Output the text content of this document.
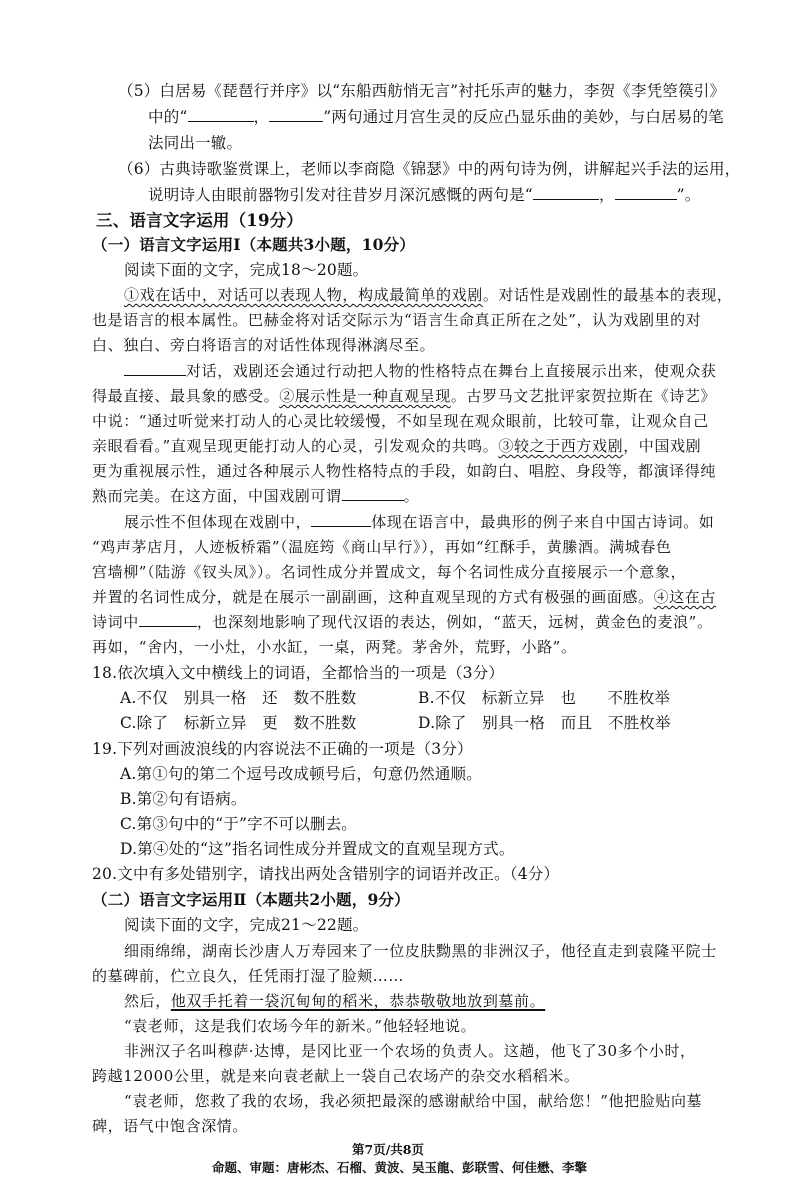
（5）白居易《琵琶行并序》以“东船西舫悄无言”衬托乐声的魅力，李贺《李凭箜篌引》
中的“	，	”两句通过月宫生灵的反应凸显乐曲的美妙，与白居易的笔
法同出一辙。
（6）古典诗歌鉴赏课上，老师以李商隐《锦瑟》中的两句诗为例，讲解起兴手法的运用，
说明诗人由眼前器物引发对往昔岁月深沉感慨的两句是“	，	”。
三、语言文字运用（19分）
（一）语言文字运用Ⅰ（本题共3小题，10分）
阅读下面的文字，完成18～20题。
①戏在话中，对话可以表现人物，构成最简单的戏剧。对话性是戏剧性的最基本的表现，
也是语言的根本属性。巴赫金将对话交际示为“语言生命真正所在之处”，认为戏剧里的对
白、独白、旁白将语言的对话性体现得淋漓尽至。
对话，戏剧还会通过行动把人物的性格特点在舞台上直接展示出来，使观众获
得最直接、最具象的感受。②展示性是一种直观呈现。古罗马文艺批评家贺拉斯在《诗艺》
中说：“通过听觉来打动人的心灵比较缓慢，不如呈现在观众眼前，比较可靠，让观众自己
亲眼看看。”直观呈现更能打动人的心灵，引发观众的共鸣。③较之于西方戏剧，中国戏剧
更为重视展示性，通过各种展示人物性格特点的手段，如韵白、唱腔、身段等，都演译得纯
熟而完美。在这方面，中国戏剧可谓	。
展示性不但体现在戏剧中，	体现在语言中，最典形的例子来自中国古诗词。如
“鸡声茅店月，人迹板桥霜”（温庭筠《商山早行》），再如“红酥手，黄縢酒。满城春色
宫墙柳”（陆游《钗头凤》）。名词性成分并置成文，每个名词性成分直接展示一个意象，
并置的名词性成分，就是在展示一副副画，这种直观呈现的方式有极强的画面感。④这在古
诗词中	，也深刻地影响了现代汉语的表达，例如，“蓝天，远树，黄金色的麦浪”。
再如，“舍内，一小灶，小水缸，一桌，两凳。茅舍外，荒野，小路”。
18.依次填入文中横线上的词语，全都恰当的一项是（3分）
A.不仅　别具一格　还　数不胜数	B.不仅　标新立异　也　　不胜枚举
C.除了　标新立异　更　数不胜数	D.除了　别具一格　而且　不胜枚举
19.下列对画波浪线的内容说法不正确的一项是（3分）
A.第①句的第二个逗号改成顿号后，句意仍然通顺。
B.第②句有语病。
C.第③句中的“于”字不可以删去。
D.第④处的“这”指名词性成分并置成文的直观呈现方式。
20.文中有多处错别字，请找出两处含错别字的词语并改正。（4分）
（二）语言文字运用Ⅱ（本题共2小题，9分）
阅读下面的文字，完成21～22题。
细雨绵绵，湖南长沙唐人万寿园来了一位皮肤黝黑的非洲汉子，他径直走到袁隆平院士
的墓碑前，伫立良久，任凭雨打湿了脸颊……
然后，他双手托着一袋沉甸甸的稻米，恭恭敬敬地放到墓前。
“袁老师，这是我们农场今年的新米。”他轻轻地说。
非洲汉子名叫穆萨·达博，是冈比亚一个农场的负责人。这趟，他飞了30多个小时，
跨越12000公里，就是来向袁老献上一袋自己农场产的杂交水稻稻米。
“袁老师，您救了我的农场，我必须把最深的感谢献给中国，献给您！”他把脸贴向墓
碑，语气中饱含深情。
第7页/共8页
命题、审题：唐彬杰、石榴、黄波、吴玉龍、彭联雪、何佳懋、李擎
